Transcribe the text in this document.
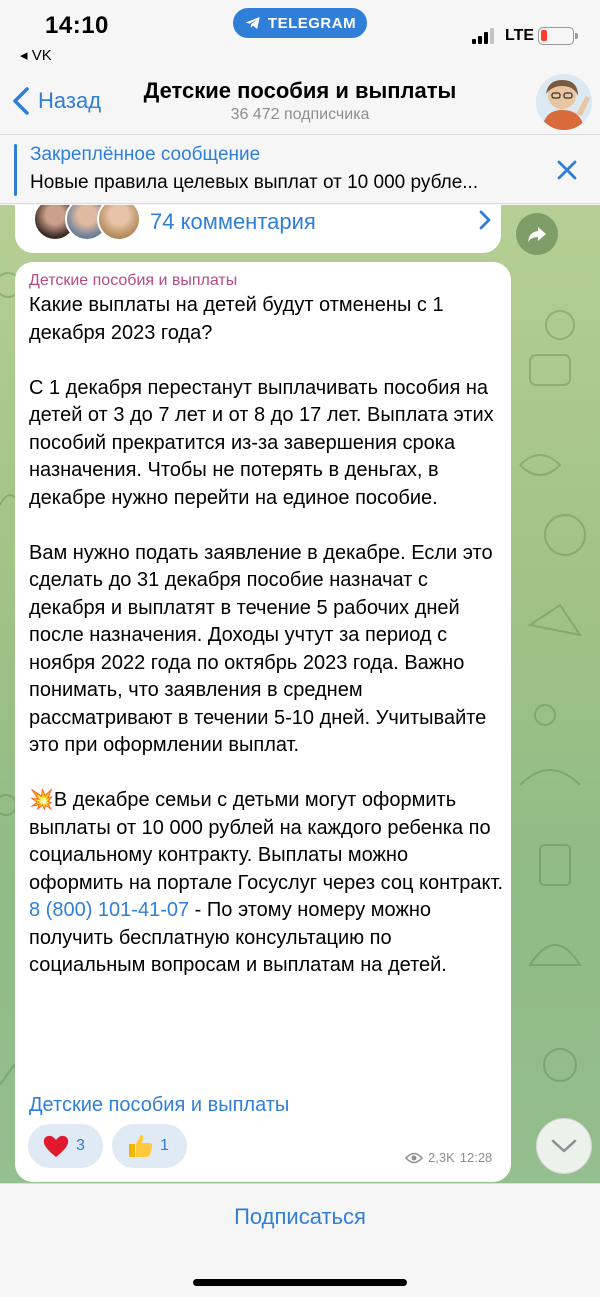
14:10
◂ VK
TELEGRAM
LTE
Назад	Детские пособия и выплаты
36 472 подписчика
Закреплённое сообщение
Новые правила целевых выплат от 10 000 рубле...
74 комментария
Детские пособия и выплаты
Какие выплаты на детей будут отменены с 1 декабря 2023 года?

С 1 декабря перестанут выплачивать пособия на детей от 3 до 7 лет и от 8 до 17 лет. Выплата этих пособий прекратится из-за завершения срока назначения. Чтобы не потерять в деньгах, в декабре нужно перейти на единое пособие.

Вам нужно подать заявление в декабре. Если это сделать до 31 декабря пособие назначат с декабря и выплатят в течение 5 рабочих дней после назначения. Доходы учтут за период с ноября 2022 года по октябрь 2023 года. Важно понимать, что заявления в среднем рассматривают в течении 5-10 дней. Учитывайте это при оформлении выплат.

💥В декабре семьи с детьми могут оформить выплаты от 10 000 рублей на каждого ребенка по социальному контракту. Выплаты можно оформить на портале Госуслуг через соц контракт. 8 (800) 101-41-07 - По этому номеру можно получить бесплатную консультацию по социальным вопросам и выплатам на детей.
Детские пособия и выплаты
3	1
2,3K 12:28
Подписаться
